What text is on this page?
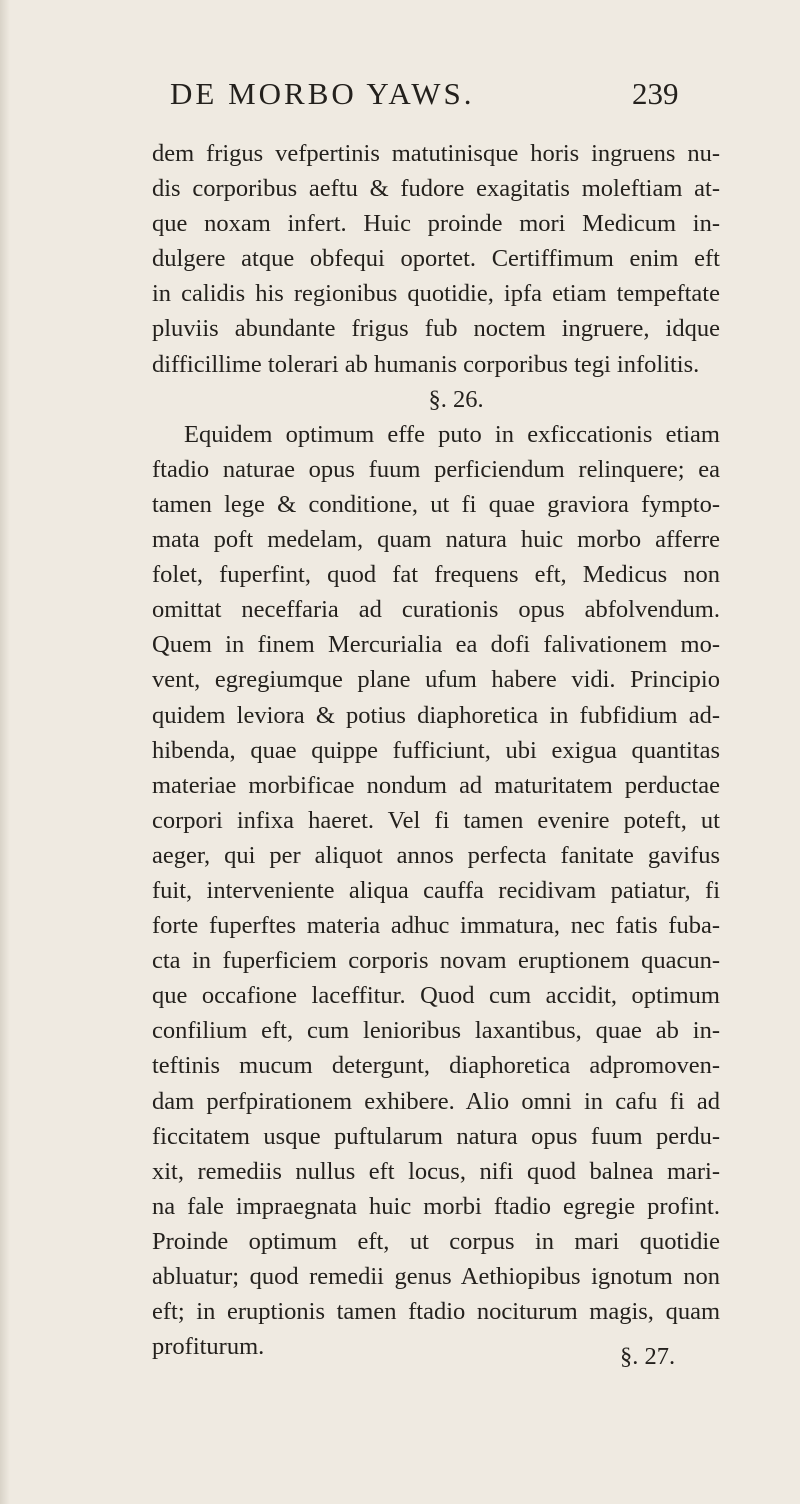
DE MORBO YAWS.	239
dem frigus vefpertinis matutinisque horis ingruens nu-
dis corporibus aeftu & fudore exagitatis moleftiam at-
que noxam infert. Huic proinde mori Medicum in-
dulgere atque obfequi oportet. Certiffimum enim eft
in calidis his regionibus quotidie, ipfa etiam tempeftate
pluviis abundante frigus fub noctem ingruere, idque
difficillime tolerari ab humanis corporibus tegi infolitis.
§. 26.
Equidem optimum effe puto in exficcationis etiam
ftadio naturae opus fuum perficiendum relinquere; ea
tamen lege & conditione, ut fi quae graviora fympto-
mata poft medelam, quam natura huic morbo afferre
folet, fuperfint, quod fat frequens eft, Medicus non
omittat neceffaria ad curationis opus abfolvendum.
Quem in finem Mercurialia ea dofi falivationem mo-
vent, egregiumque plane ufum habere vidi. Principio
quidem leviora & potius diaphoretica in fubfidium ad-
hibenda, quae quippe fufficiunt, ubi exigua quantitas
materiae morbificae nondum ad maturitatem perductae
corpori infixa haeret. Vel fi tamen evenire poteft, ut
aeger, qui per aliquot annos perfecta fanitate gavifus
fuit, interveniente aliqua cauffa recidivam patiatur, fi
forte fuperftes materia adhuc immatura, nec fatis fuba-
cta in fuperficiem corporis novam eruptionem quacun-
que occafione laceffitur. Quod cum accidit, optimum
confilium eft, cum lenioribus laxantibus, quae ab in-
teftinis mucum detergunt, diaphoretica adpromoven-
dam perfpirationem exhibere. Alio omni in cafu fi ad
ficcitatem usque puftularum natura opus fuum perdu-
xit, remediis nullus eft locus, nifi quod balnea mari-
na fale impraegnata huic morbi ftadio egregie profint.
Proinde optimum eft, ut corpus in mari quotidie
abluatur; quod remedii genus Aethiopibus ignotum non
eft; in eruptionis tamen ftadio nociturum magis, quam
profiturum.	§. 27.
